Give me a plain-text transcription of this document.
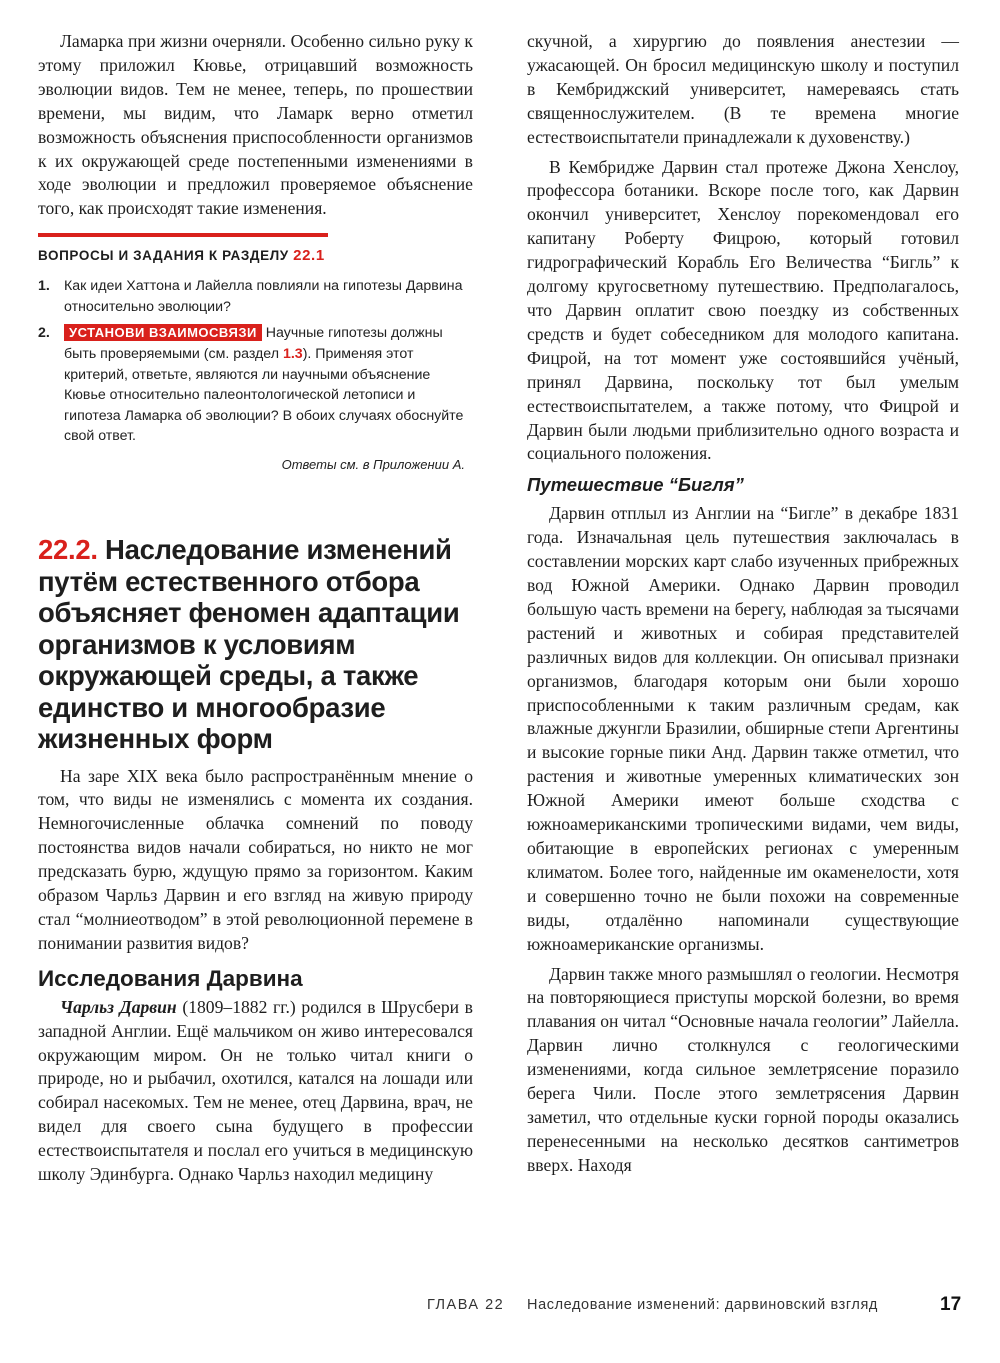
Ламарка при жизни очерняли. Особенно сильно руку к этому приложил Кювье, отрицавший возможность эволюции видов. Тем не менее, теперь, по прошествии времени, мы видим, что Ламарк верно отметил возможность объяснения приспособленности организмов к их окружающей среде постепенными изменениями в ходе эволюции и предложил проверяемое объяснение того, как происходят такие изменения.

ВОПРОСЫ И ЗАДАНИЯ К РАЗДЕЛУ 22.1
1. Как идеи Хаттона и Лайелла повлияли на гипотезы Дарвина относительно эволюции?
2.	УСТАНОВИ ВЗАИМОСВЯЗИ Научные гипотезы должны быть проверяемыми (см. раздел 1.3). Применяя этот критерий, ответьте, являются ли научными объяснение Кювье относительно палеонтологической летописи и гипотеза Ламарка об эволюции? В обоих случаях обоснуйте свой ответ.
Ответы см. в Приложении А.
22.2. Наследование изменений путём естественного отбора объясняет феномен адаптации организмов к условиям окружающей среды, а также единство и многообразие жизненных форм

На заре XIX века было распространённым мнение о том, что виды не изменялись с момента их создания. Немногочисленные облачка сомнений по поводу постоянства видов начали собираться, но никто не мог предсказать бурю, ждущую прямо за горизонтом. Каким образом Чарльз Дарвин и его взгляд на живую природу стал “молниеотводом” в этой революционной перемене в понимании развития видов?

Исследования Дарвина

Чарльз Дарвин (1809–1882 гг.) родился в Шрусбери в западной Англии. Ещё мальчиком он живо интересовался окружающим миром. Он не только читал книги о природе, но и рыбачил, охотился, катался на лошади или собирал насекомых. Тем не менее, отец Дарвина, врач, не видел для своего сына будущего в профессии естествоиспытателя и послал его учиться в медицинскую школу Эдинбурга. Однако Чарльз находил медицину

скучной, а хирургию до появления анестезии — ужасающей. Он бросил медицинскую школу и поступил в Кембриджский университет, намереваясь стать священнослужителем. (В те времена многие естествоиспытатели принадлежали к духовенству.)

В Кембридже Дарвин стал протеже Джона Хенслоу, профессора ботаники. Вскоре после того, как Дарвин окончил университет, Хенслоу порекомендовал его капитану Роберту Фицрою, который готовил гидрографический Корабль Его Величества “Бигль” к долгому кругосветному путешествию. Предполагалось, что Дарвин оплатит свою поездку из собственных средств и будет собеседником для молодого капитана. Фицрой, на тот момент уже состоявшийся учёный, принял Дарвина, поскольку тот был умелым естествоиспытателем, а также потому, что Фицрой и Дарвин были людьми приблизительно одного возраста и социального положения.

Путешествие “Бигля”

Дарвин отплыл из Англии на “Бигле” в декабре 1831 года. Изначальная цель путешествия заключалась в составлении морских карт слабо изученных прибрежных вод Южной Америки. Однако Дарвин проводил большую часть времени на берегу, наблюдая за тысячами растений и животных и собирая представителей различных видов для коллекции. Он описывал признаки организмов, благодаря которым они были хорошо приспособленными к таким различным средам, как влажные джунгли Бразилии, обширные степи Аргентины и высокие горные пики Анд. Дарвин также отметил, что растения и животные умеренных климатических зон Южной Америки имеют больше сходства с южноамериканскими тропическими видами, чем виды, обитающие в европейских регионах с умеренным климатом. Более того, найденные им окаменелости, хотя и совершенно точно не были похожи на современные виды, отдалённо напоминали существующие южноамериканские организмы.

Дарвин также много размышлял о геологии. Несмотря на повторяющиеся приступы морской болезни, во время плавания он читал “Основные начала геологии” Лайелла. Дарвин лично столкнулся с геологическими изменениями, когда сильное землетрясение поразило берега Чили. После этого землетрясения Дарвин заметил, что отдельные куски горной породы оказались перенесенными на несколько десятков сантиметров вверх. Находя

ГЛАВА 22 Наследование изменений: дарвиновский взгляд	17
